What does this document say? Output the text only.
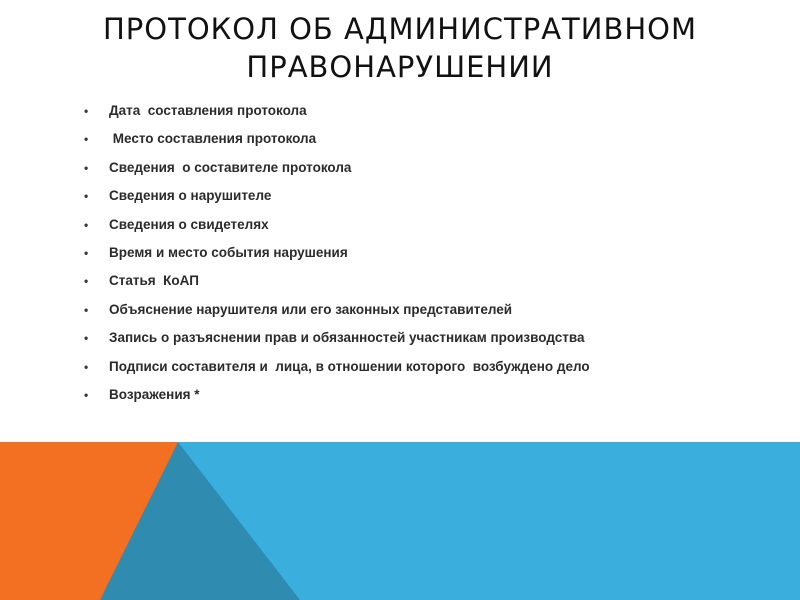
ПРОТОКОЛ ОБ АДМИНИСТРАТИВНОМ
ПРАВОНАРУШЕНИИ
• Дата  составления протокола
• Место составления протокола
• Сведения  о составителе протокола
• Сведения о нарушителе
• Сведения о свидетелях
• Время и место события нарушения
• Статья  КоАП
• Объяснение нарушителя или его законных представителей
• Запись о разъяснении прав и обязанностей участникам производства
• Подписи составителя и  лица, в отношении которого  возбуждено дело
• Возражения *
